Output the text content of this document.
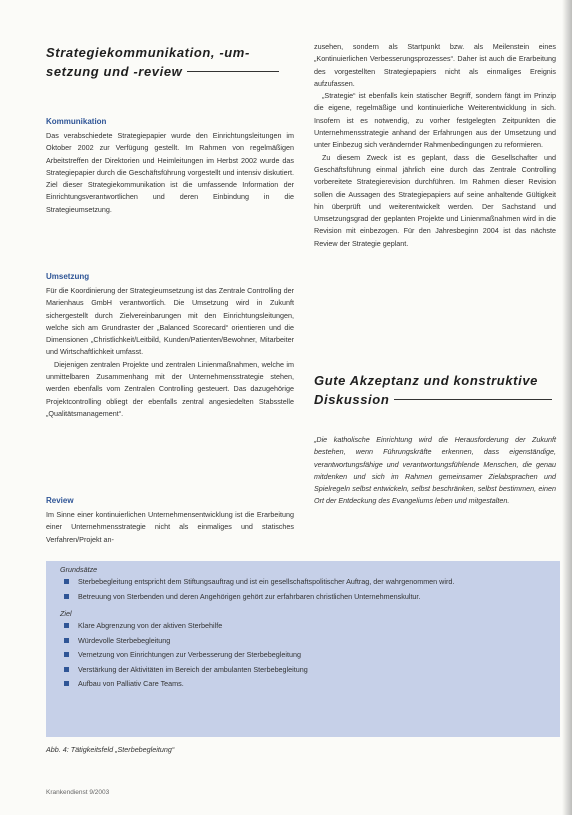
Strategiekommunikation, -um-

setzung und -review

Kommunikation

Das verabschiedete Strategiepapier wurde den Einrichtungsleitungen im Oktober 2002 zur Verfügung gestellt. Im Rahmen von regelmäßigen Arbeitstreffen der Direktorien und Heimleitungen im Herbst 2002 wurde das Strategiepapier durch die Geschäftsführung vorgestellt und intensiv diskutiert. Ziel dieser Strategiekommunikation ist die umfassende Information der Einrichtungsverantwortlichen und deren Einbindung in die Strategieumsetzung.

Umsetzung

Für die Koordinierung der Strategieumsetzung ist das Zentrale Controlling der Marienhaus GmbH verantwortlich. Die Umsetzung wird in Zukunft sichergestellt durch Zielvereinbarungen mit den Einrichtungsleitungen, welche sich am Grundraster der „Balanced Scorecard“ orientieren und die Dimensionen „Christlichkeit/Leitbild, Kunden/Patienten/Bewohner, Mitarbeiter und Wirtschaftlichkeit umfasst.

Diejenigen zentralen Projekte und zentralen Linienmaßnahmen, welche im unmittelbaren Zusammenhang mit der Unternehmensstrategie stehen, werden ebenfalls vom Zentralen Controlling gesteuert. Das dazugehörige Projektcontrolling obliegt der ebenfalls zentral angesiedelten Stabsstelle „Qualitätsmanagement“.

Review

Im Sinne einer kontinuierlichen Unternehmensentwicklung ist die Erarbeitung einer Unternehmensstrategie nicht als einmaliges und statisches Verfahren/Projekt an-

zusehen, sondern als Startpunkt bzw. als Meilenstein eines „Kontinuierlichen Verbesserungsprozesses“. Daher ist auch die Erarbeitung des vorgestellten Strategiepapiers nicht als einmaliges Ereignis aufzufassen.

„Strategie“ ist ebenfalls kein statischer Begriff, sondern fängt im Prinzip die eigene, regelmäßige und kontinuierliche Weiterentwicklung in sich. Insofern ist es notwendig, zu vorher festgelegten Zeitpunkten die Unternehmensstrategie anhand der Erfahrungen aus der Umsetzung und unter Einbezug sich verändernder Rahmenbedingungen zu reformieren.

Zu diesem Zweck ist es geplant, dass die Gesellschafter und Geschäftsführung einmal jährlich eine durch das Zentrale Controlling vorbereitete Strategierevision durchführen. Im Rahmen dieser Revision sollen die Aussagen des Strategiepapiers auf seine anhaltende Gültigkeit hin überprüft und weiterentwickelt werden. Der Sachstand und Umsetzungsgrad der geplanten Projekte und Linienmaßnahmen wird in die Revision mit einbezogen. Für den Jahresbeginn 2004 ist das nächste Review der Strategie geplant.

Gute Akzeptanz und konstruktive

Diskussion

„Die katholische Einrichtung wird die Herausforderung der Zukunft bestehen, wenn Führungskräfte erkennen, dass eigenständige, verantwortungsfähige und verantwortungsfühlende Menschen, die genau mitdenken und sich im Rahmen gemeinsamer Zielabsprachen und Spielregeln selbst entwickeln, selbst beschränken, selbst bestimmen, einen Ort der Entdeckung des Evangeliums leben und mitgestalten.

Grundsätze

Sterbebegleitung entspricht dem Stiftungsauftrag und ist ein gesellschaftspolitischer Auftrag, der wahrgenommen wird.
Betreuung von Sterbenden und deren Angehörigen gehört zur erfahrbaren christlichen Unternehmenskultur.

Ziel

Klare Abgrenzung von der aktiven Sterbehilfe
Würdevolle Sterbebegleitung
Vernetzung von Einrichtungen zur Verbesserung der Sterbebegleitung
Verstärkung der Aktivitäten im Bereich der ambulanten Sterbebegleitung
Aufbau von Palliativ Care Teams.

Abb. 4: Tätigkeitsfeld „Sterbebegleitung“

Krankendienst 9/2003
